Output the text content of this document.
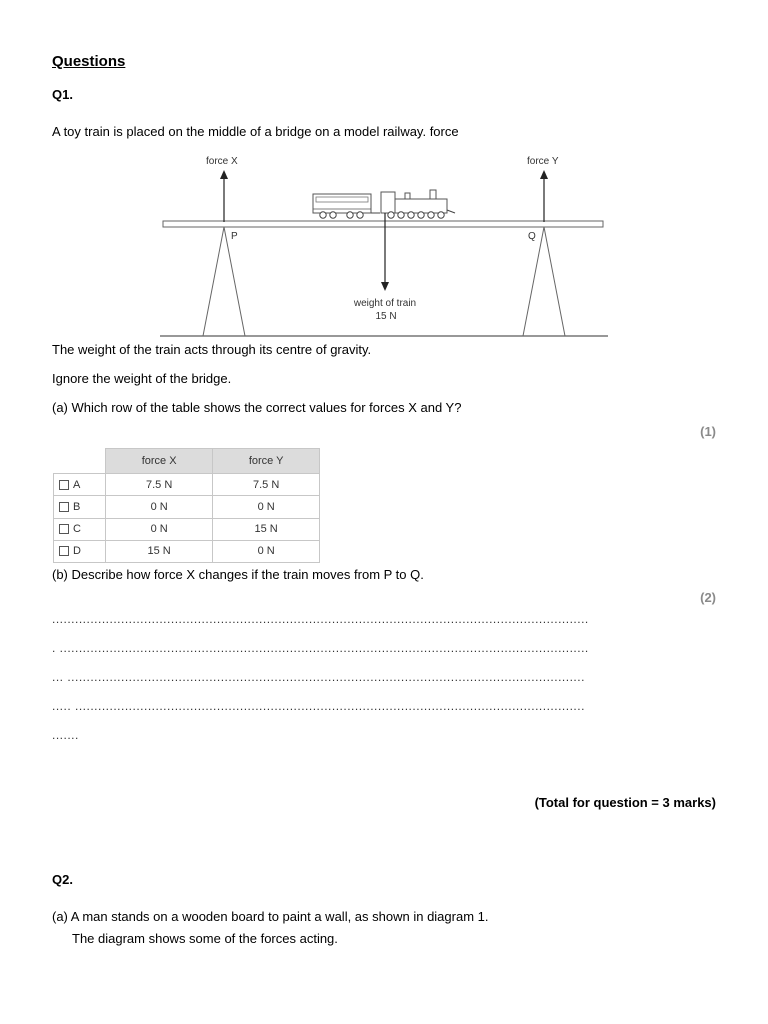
Questions
Q1.
A toy train is placed on the middle of a bridge on a model railway. force
force X	force Y
P	Q
weight of train
15 N
The weight of the train acts through its centre of gravity.
Ignore the weight of the bridge.
(a) Which row of the table shows the correct values for forces X and Y?
(1)
	force X	force Y
A	7.5 N	7.5 N
B	0 N	0 N
C	0 N	15 N
D	15 N	0 N
(b) Describe how force X changes if the train moves from P to Q.
(2)
............................................................................................................................................
. ..........................................................................................................................................
... .......................................................................................................................................
..... .....................................................................................................................................
.......
(Total for question = 3 marks)
Q2.
(a) A man stands on a wooden board to paint a wall, as shown in diagram 1.
The diagram shows some of the forces acting.
